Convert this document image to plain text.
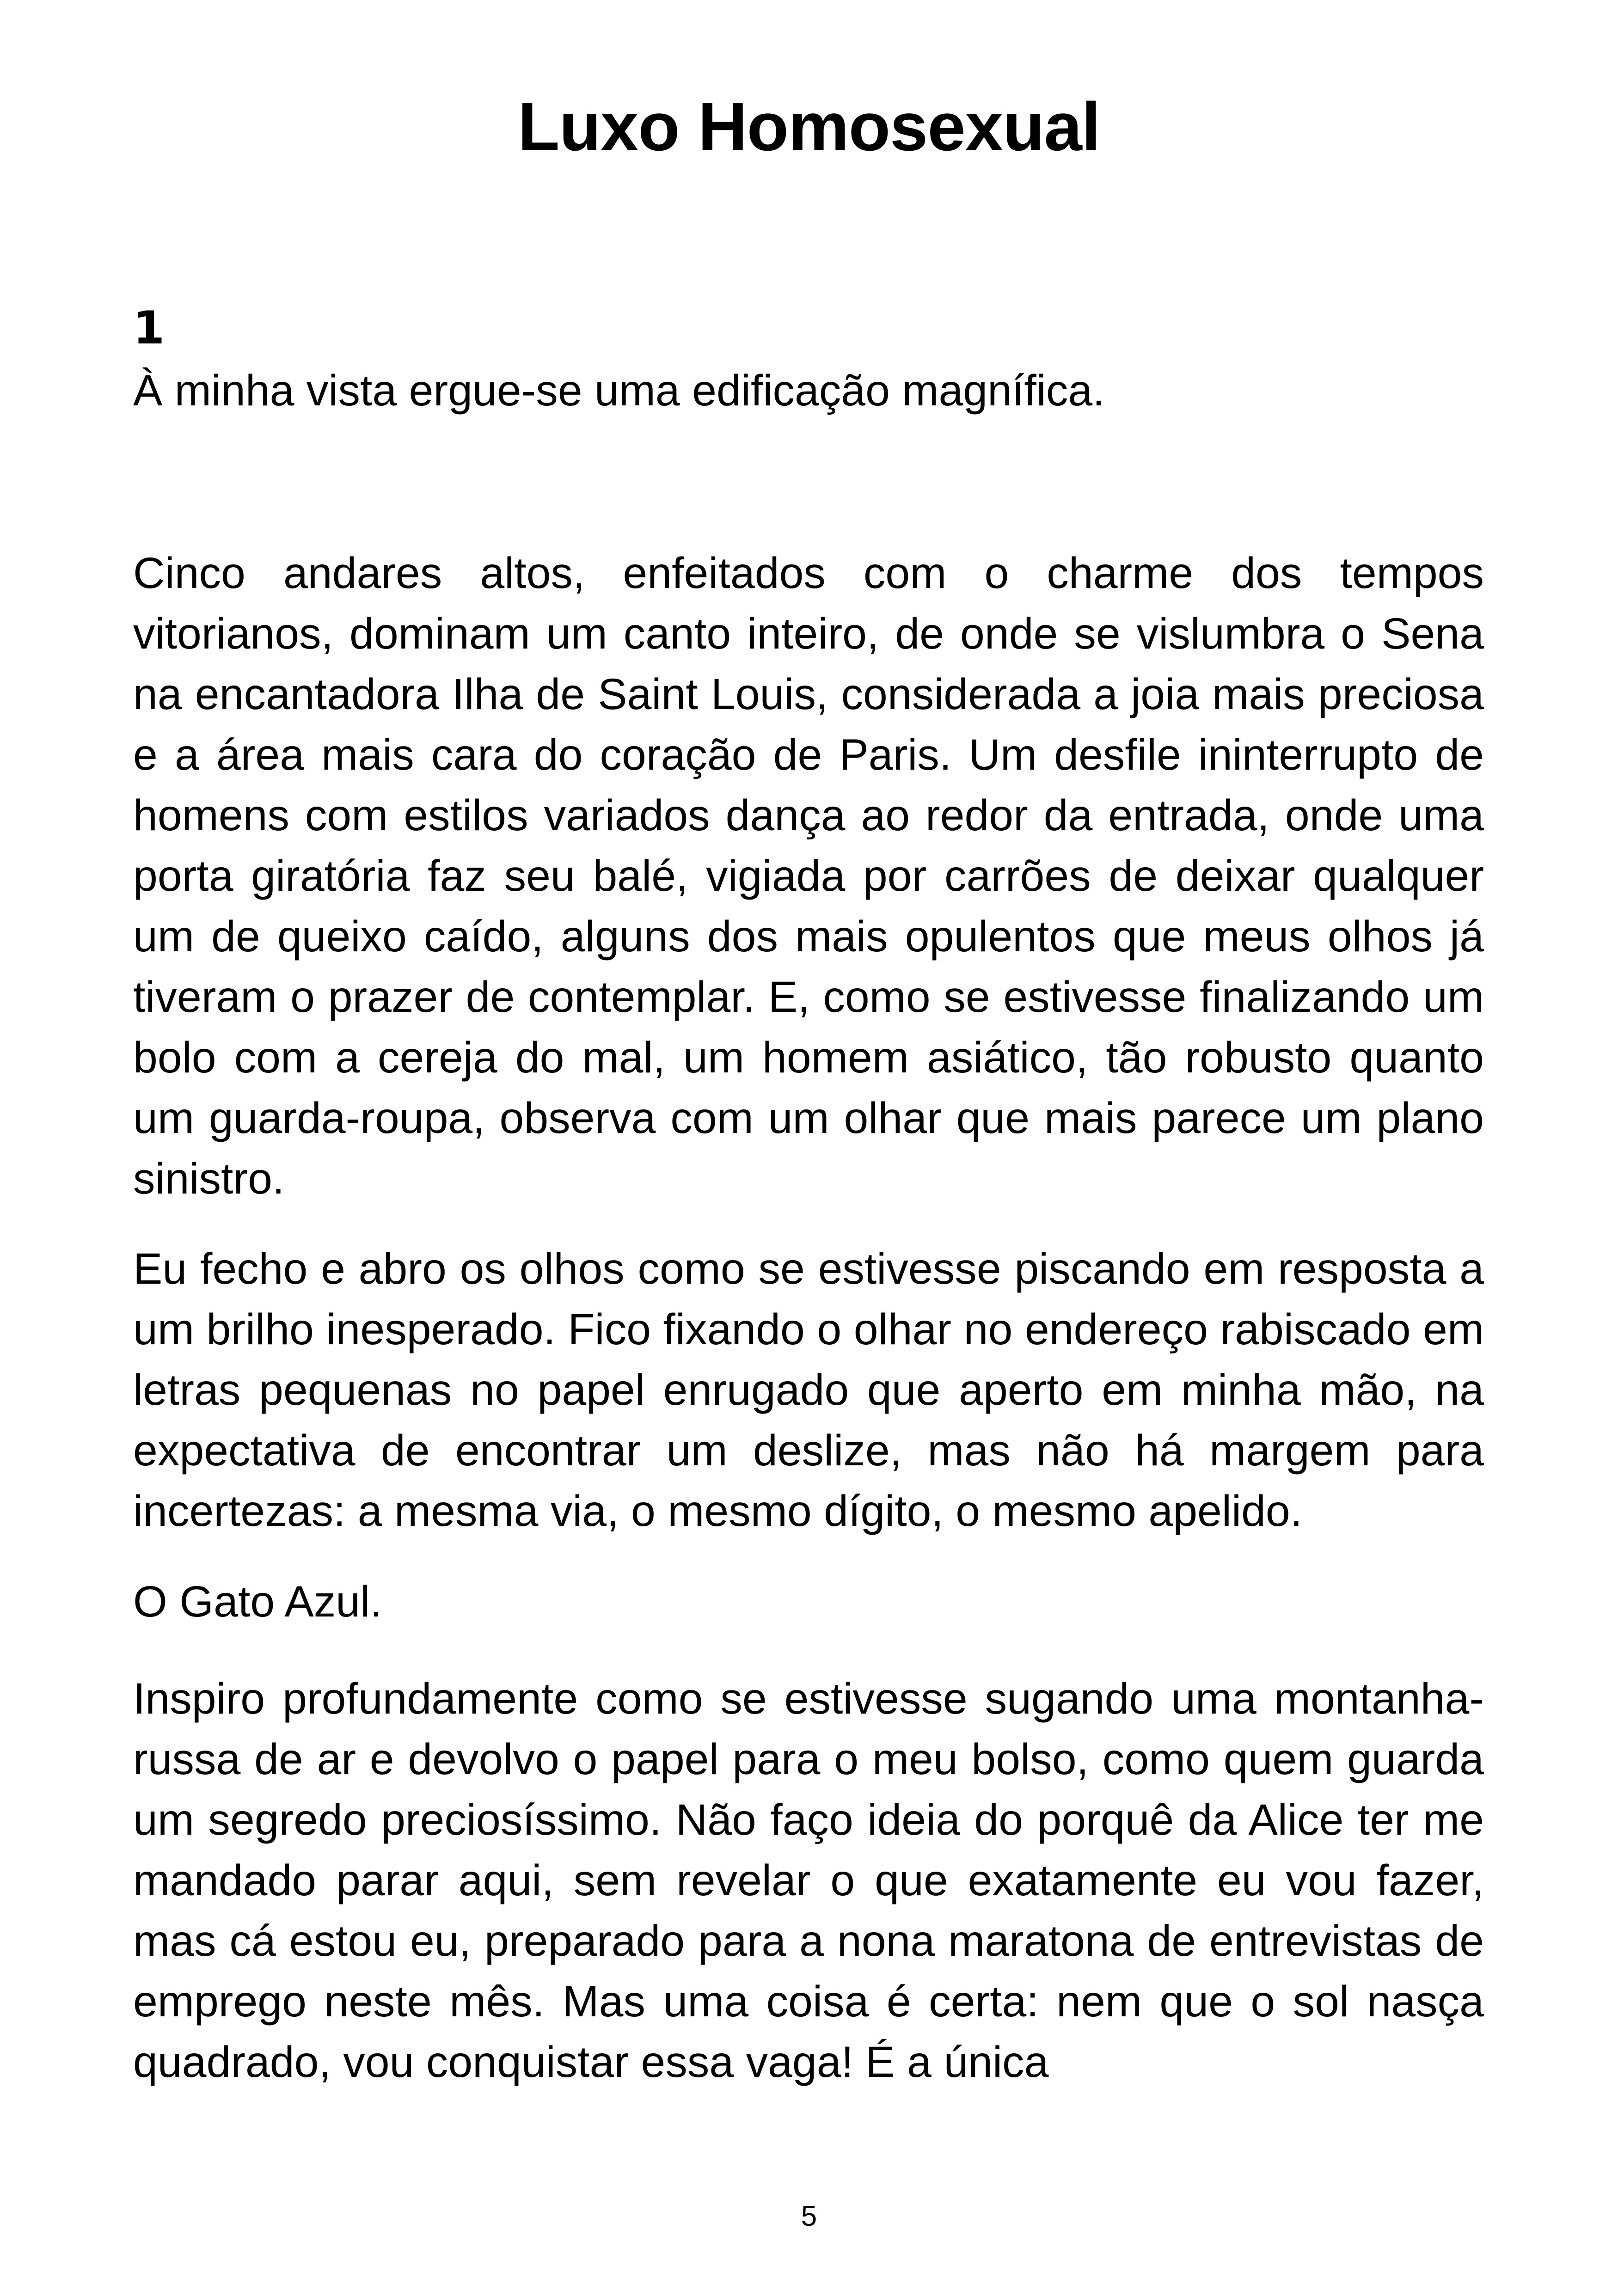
Luxo Homosexual
1

À minha vista ergue-se uma edificação magnífica.

Cinco andares altos, enfeitados com o charme dos tempos vitorianos, dominam um canto inteiro, de onde se vislumbra o Sena na encantadora Ilha de Saint Louis, considerada a joia mais preciosa e a área mais cara do coração de Paris. Um desfile ininterrupto de homens com estilos variados dança ao redor da entrada, onde uma porta giratória faz seu balé, vigiada por carrões de deixar qualquer um de queixo caído, alguns dos mais opulentos que meus olhos já tiveram o prazer de contemplar. E, como se estivesse finalizando um bolo com a cereja do mal, um homem asiático, tão robusto quanto um guarda-roupa, observa com um olhar que mais parece um plano sinistro.

Eu fecho e abro os olhos como se estivesse piscando em resposta a um brilho inesperado. Fico fixando o olhar no endereço rabiscado em letras pequenas no papel enrugado que aperto em minha mão, na expectativa de encontrar um deslize, mas não há margem para incertezas: a mesma via, o mesmo dígito, o mesmo apelido.

O Gato Azul.

Inspiro profundamente como se estivesse sugando uma montanha-russa de ar e devolvo o papel para o meu bolso, como quem guarda um segredo preciosíssimo. Não faço ideia do porquê da Alice ter me mandado parar aqui, sem revelar o que exatamente eu vou fazer, mas cá estou eu, preparado para a nona maratona de entrevistas de emprego neste mês. Mas uma coisa é certa: nem que o sol nasça quadrado, vou conquistar essa vaga! É a única

5
